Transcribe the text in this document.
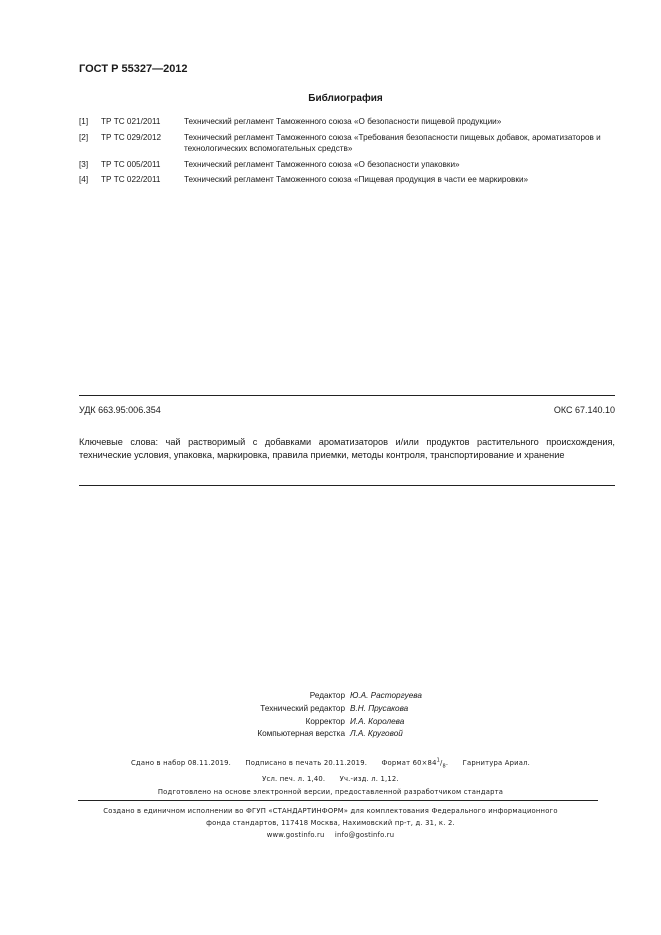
ГОСТ Р 55327—2012
Библиография
[1]	ТР ТС 021/2011	Технический регламент Таможенного союза «О безопасности пищевой продукции»
[2]	ТР ТС 029/2012	Технический регламент Таможенного союза «Требования безопасности пищевых добавок, ароматизаторов и технологических вспомогательных средств»
[3]	ТР ТС 005/2011	Технический регламент Таможенного союза «О безопасности упаковки»
[4]	ТР ТС 022/2011	Технический регламент Таможенного союза «Пищевая продукция в части ее маркировки»
УДК 663.95:006.354	ОКС 67.140.10
Ключевые слова: чай растворимый с добавками ароматизаторов и/или продуктов растительного происхождения, технические условия, упаковка, маркировка, правила приемки, методы контроля, транспортирование и хранение
Редактор Ю.А. Расторгуева
Технический редактор В.Н. Прусакова
Корректор И.А. Королева
Компьютерная верстка Л.А. Круговой
Сдано в набор 08.11.2019. Подписано в печать 20.11.2019. Формат $60\times 84^1/_8$. Гарнитура Ариал.
Усл. печ. л. 1,40. Уч.-изд. л. 1,12.
Подготовлено на основе электронной версии, предоставленной разработчиком стандарта
Создано в единичном исполнении во ФГУП «СТАНДАРТИНФОРМ» для комплектования Федерального информационного
фонда стандартов, 117418 Москва, Нахимовский пр-т, д. 31, к. 2.
www.gostinfo.ru info@gostinfo.ru
